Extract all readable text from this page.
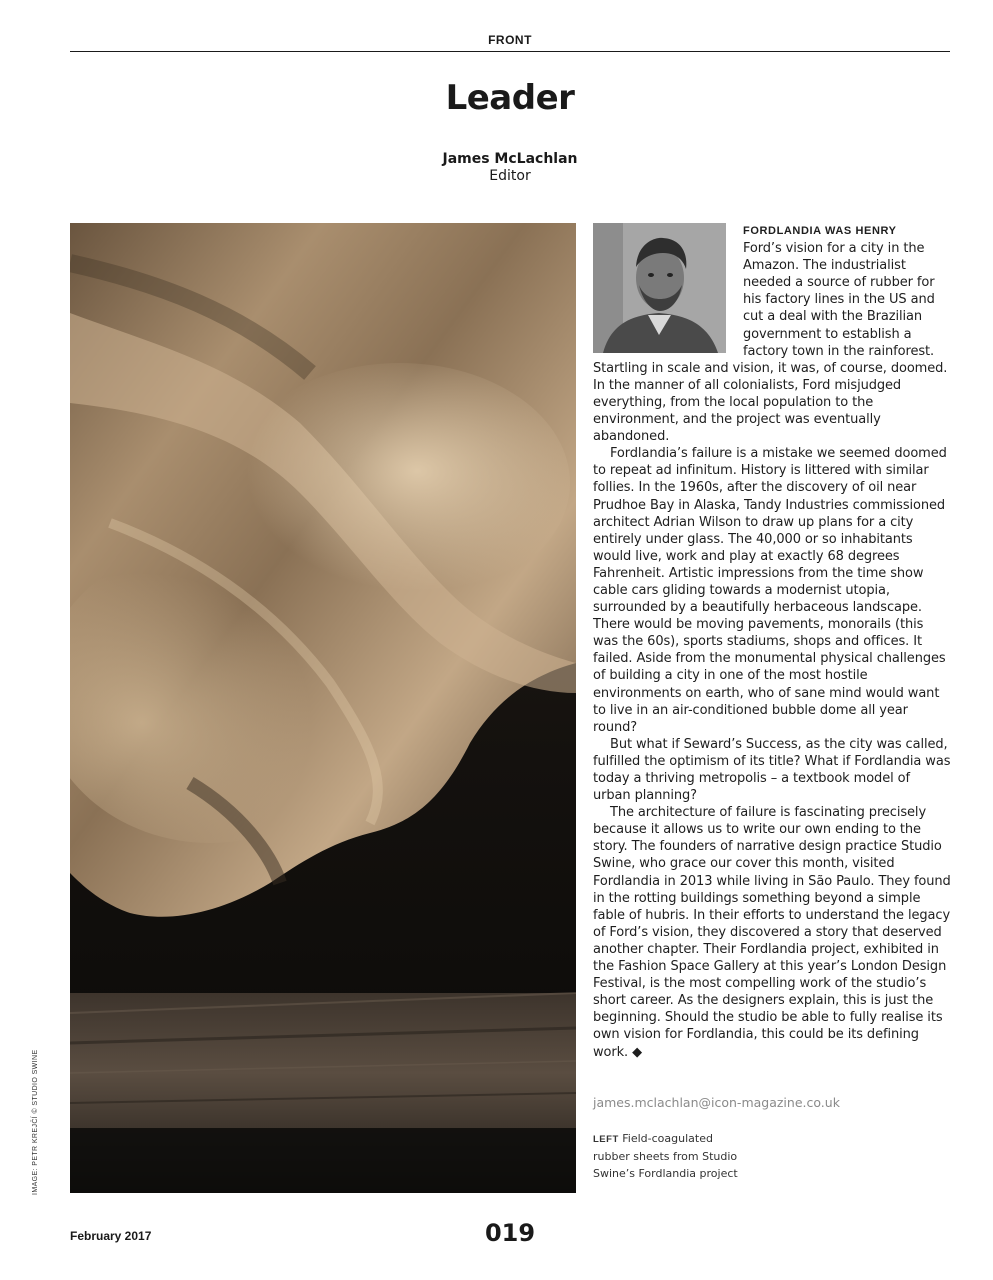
FRONT
Leader
James McLachlan
Editor
IMAGE: PETR KREJČÍ © STUDIO SWINE

FORDLANDIA WAS HENRY
Ford’s vision for a city in the Amazon. The industrialist needed a source of rubber for his factory lines in the US and cut a deal with the Brazilian government to establish a factory town in the rainforest. Startling in scale and vision, it was, of course, doomed. In the manner of all colonialists, Ford misjudged everything, from the local population to the environment, and the project was eventually abandoned.

Fordlandia’s failure is a mistake we seemed doomed to repeat ad infinitum. History is littered with similar follies. In the 1960s, after the discovery of oil near Prudhoe Bay in Alaska, Tandy Industries commissioned architect Adrian Wilson to draw up plans for a city entirely under glass. The 40,000 or so inhabitants would live, work and play at exactly 68 degrees Fahrenheit. Artistic impressions from the time show cable cars gliding towards a modernist utopia, surrounded by a beautifully herbaceous landscape. There would be moving pavements, monorails (this was the 60s), sports stadiums, shops and offices. It failed. Aside from the monumental physical challenges of building a city in one of the most hostile environments on earth, who of sane mind would want to live in an air-conditioned bubble dome all year round?

But what if Seward’s Success, as the city was called, fulfilled the optimism of its title? What if Fordlandia was today a thriving metropolis – a textbook model of urban planning?

The architecture of failure is fascinating precisely because it allows us to write our own ending to the story. The founders of narrative design practice Studio Swine, who grace our cover this month, visited Fordlandia in 2013 while living in São Paulo. They found in the rotting buildings something beyond a simple fable of hubris. In their efforts to understand the legacy of Ford’s vision, they discovered a story that deserved another chapter. Their Fordlandia project, exhibited in the Fashion Space Gallery at this year’s London Design Festival, is the most compelling work of the studio’s short career. As the designers explain, this is just the beginning. Should the studio be able to fully realise its own vision for Fordlandia, this could be its defining work. ◆

james.mclachlan@icon-magazine.co.uk
LEFT Field-coagulated rubber sheets from Studio Swine’s Fordlandia project
February 2017	019
